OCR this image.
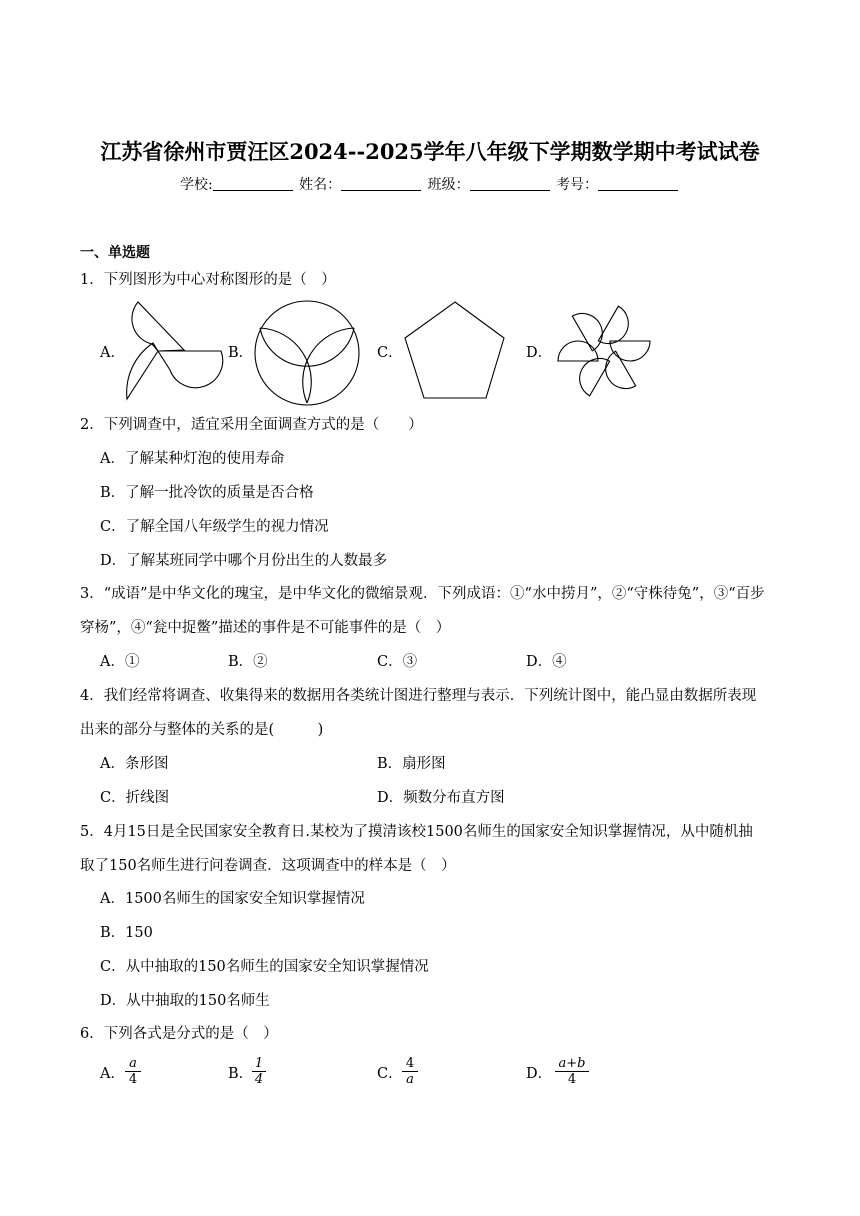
江苏省徐州市贾汪区2024--2025学年八年级下学期数学期中考试试卷
学校:	姓名：	班级：	考号：
一、单选题
1．下列图形为中心对称图形的是（　）
A．	B．	C．	D．
2．下列调查中，适宜采用全面调查方式的是（　　）
A．了解某种灯泡的使用寿命
B．了解一批冷饮的质量是否合格
C．了解全国八年级学生的视力情况
D．了解某班同学中哪个月份出生的人数最多
3．“成语”是中华文化的瑰宝，是中华文化的微缩景观．下列成语：①“水中捞月”，②“守株待兔”，③“百步
穿杨”，④“瓮中捉鳖”描述的事件是不可能事件的是（　）
A．①	B．②	C．③	D．④
4．我们经常将调查、收集得来的数据用各类统计图进行整理与表示．下列统计图中，能凸显由数据所表现
出来的部分与整体的关系的是(　　　)
A．条形图	B．扇形图
C．折线图	D．频数分布直方图
5．4月15日是全民国家安全教育日.某校为了摸清该校1500名师生的国家安全知识掌握情况，从中随机抽
取了150名师生进行问卷调查．这项调查中的样本是（　）
A．1500名师生的国家安全知识掌握情况
B．150
C．从中抽取的150名师生的国家安全知识掌握情况
D．从中抽取的150名师生
6．下列各式是分式的是（　）
A．	B．	C．	D．
$\frac{a}{4}$	$\frac{1}{4}$	$\frac{4}{a}$	$\frac{a+b}{4}$
